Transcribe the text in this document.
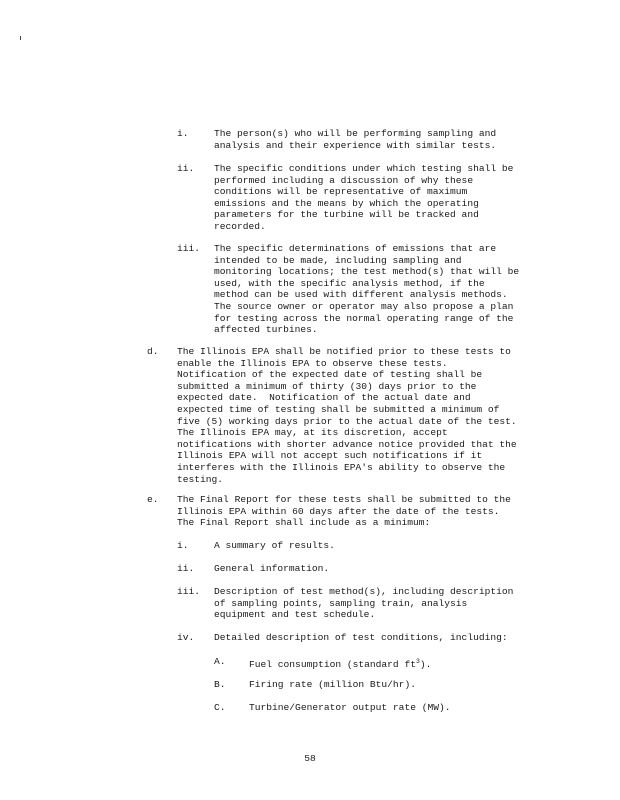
i.	The person(s) who will be performing sampling and
analysis and their experience with similar tests.
ii. The specific conditions under which testing shall be
performed including a discussion of why these
conditions will be representative of maximum
emissions and the means by which the operating
parameters for the turbine will be tracked and
recorded.
iii. The specific determinations of emissions that are
intended to be made, including sampling and
monitoring locations; the test method(s) that will be
used, with the specific analysis method, if the
method can be used with different analysis methods.
The source owner or operator may also propose a plan
for testing across the normal operating range of the
affected turbines.
d. The Illinois EPA shall be notified prior to these tests to
enable the Illinois EPA to observe these tests.
Notification of the expected date of testing shall be
submitted a minimum of thirty (30) days prior to the
expected date.  Notification of the actual date and
expected time of testing shall be submitted a minimum of
five (5) working days prior to the actual date of the test.
The Illinois EPA may, at its discretion, accept
notifications with shorter advance notice provided that the
Illinois EPA will not accept such notifications if it
interferes with the Illinois EPA's ability to observe the
testing.
e. The Final Report for these tests shall be submitted to the
Illinois EPA within 60 days after the date of the tests.
The Final Report shall include as a minimum:
i.	A summary of results.
ii. General information.
iii. Description of test method(s), including description
of sampling points, sampling train, analysis
equipment and test schedule.
iv. Detailed description of test conditions, including:
A. Fuel consumption (standard $ft^3$).
B. Firing rate (million Btu/hr).
C. Turbine/Generator output rate (MW).
58
